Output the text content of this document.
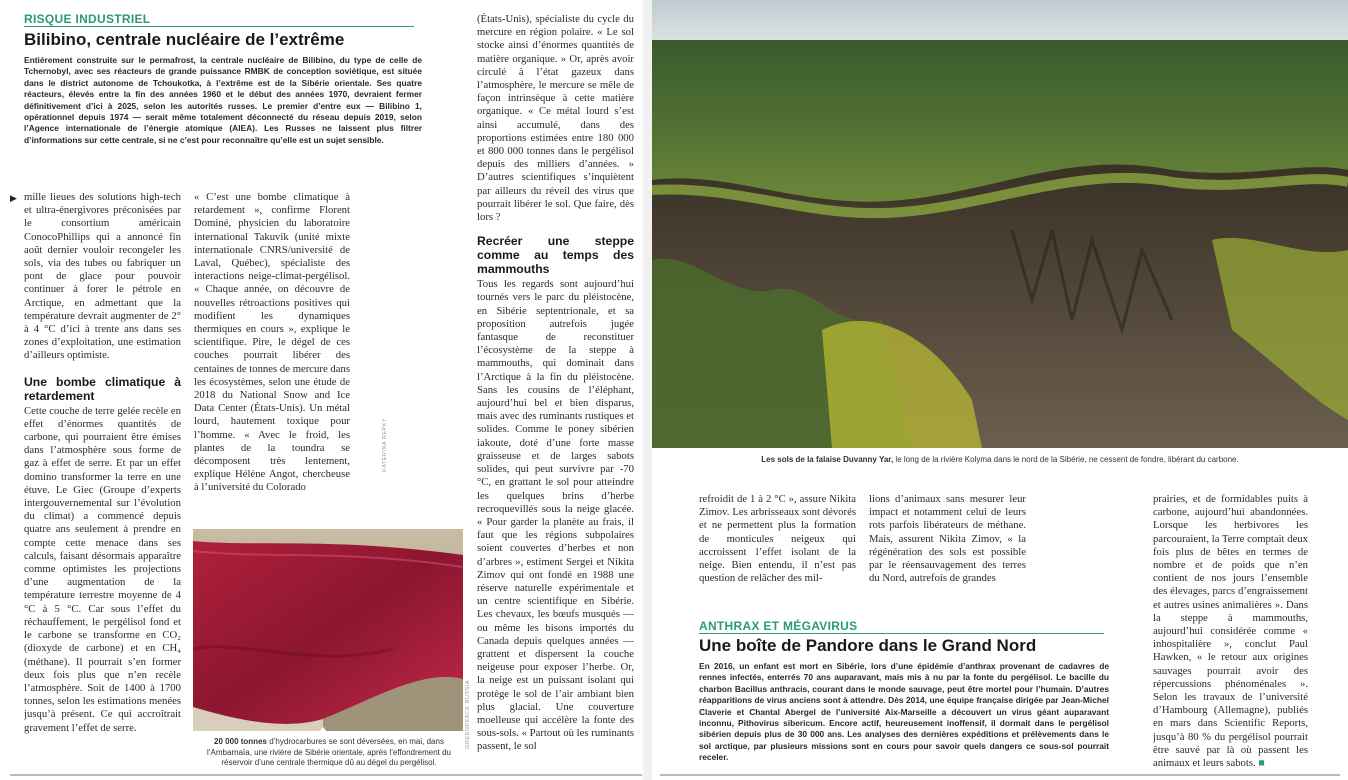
RISQUE INDUSTRIEL
Bilibino, centrale nucléaire de l’extrême
Entièrement construite sur le permafrost, la centrale nucléaire de Bilibino, du type de celle de Tchernobyl, avec ses réacteurs de grande puissance RMBK de conception soviétique, est située dans le district autonome de Tchoukotka, à l’extrême est de la Sibérie orientale. Ses quatre réacteurs, élevés entre la fin des années 1960 et le début des années 1970, devraient fermer définitivement d’ici à 2025, selon les autorités russes. Le premier d’entre eux — Bilibino 1, opérationnel depuis 1974 — serait même totalement déconnecté du réseau depuis 2019, selon l’Agence internationale de l’énergie atomique (AIEA). Les Russes ne laissent plus filtrer d’informations sur cette centrale, si ne c’est pour reconnaître qu’elle est un sujet sensible.
▶ mille lieues des solutions high-tech et ultra-énergivores préconisées par le consortium américain ConocoPhillips qui a annoncé fin août dernier vouloir recongeler les sols, via des tubes ou fabriquer un pont de glace pour pouvoir continuer à forer le pétrole en Arctique, en admettant que la température devrait augmenter de 2° à 4 °C d’ici à trente ans dans ses zones d’exploitation, une estimation d’ailleurs optimiste.

Une bombe climatique à retardement

Cette couche de terre gelée recèle en effet d’énormes quantités de carbone, qui pourraient être émises dans l’atmosphère sous forme de gaz à effet de serre. Et par un effet domino transformer la terre en une étuve. Le Giec (Groupe d’experts intergouvernemental sur l’évolution du climat) a commencé depuis quatre ans seulement à prendre en compte cette menace dans ses calculs, faisant désormais apparaître comme optimistes les projections d’une augmentation de la température terrestre moyenne de 4 °C à 5 °C. Car sous l’effet du réchauffement, le pergélisol fond et le carbone se transforme en CO₂ (dioxyde de carbone) et en CH₄ (méthane). Il pourrait s’en former deux fois plus que n’en recèle l’atmosphère. Soit de 1400 à 1700 tonnes, selon les estimations menées jusqu’à présent. Ce qui accroîtrait gravement l’effet de serre.

« C’est une bombe climatique à retardement », confirme Florent Dominé, physicien du laboratoire international Takuvik (unité mixte internationale CNRS/université de Laval, Québec), spécialiste des interactions neige-climat-pergélisol. « Chaque année, on découvre de nouvelles rétroactions positives qui modifient les dynamiques thermiques en cours », explique le scientifique. Pire, le dégel de ces couches pourrait libérer des centaines de tonnes de mercure dans les écosystèmes, selon une étude de 2018 du National Snow and Ice Data Center (États-Unis). Un métal lourd, hautement toxique pour l’homme. « Avec le froid, les plantes de la toundra se décomposent très lentement, explique Hélène Angot, chercheuse à l’université du Colorado

KATERINA REPKY
20 000 tonnes d’hydrocarbures se sont déversées, en mai, dans l’Ambarnaïa, une rivière de Sibérie orientale, après l’effondrement du réservoir d’une centrale thermique dû au dégel du pergélisol.
GREENPEACE RUSSIA

(États-Unis), spécialiste du cycle du mercure en région polaire. « Le sol stocke ainsi d’énormes quantités de matière organique. » Or, après avoir circulé à l’état gazeux dans l’atmosphère, le mercure se mêle de façon intrinsèque à cette matière organique. « Ce métal lourd s’est ainsi accumulé, dans des proportions estimées entre 180 000 et 800 000 tonnes dans le pergélisol depuis des milliers d’années. » D’autres scientifiques s’inquiètent par ailleurs du réveil des virus que pourrait libérer le sol. Que faire, dès lors ?

Recréer une steppe comme au temps des mammouths

Tous les regards sont aujourd’hui tournés vers le parc du pléistocène, en Sibérie septentrionale, et sa proposition autrefois jugée fantasque de reconstituer l’écosystème de la steppe à mammouths, qui dominait dans l’Arctique à la fin du pléistocène. Sans les cousins de l’éléphant, aujourd’hui bel et bien disparus, mais avec des ruminants rustiques et solides. Comme le poney sibérien iakoute, doté d’une forte masse graisseuse et de larges sabots solides, qui peut survivre par -70 °C, en grattant le sol pour atteindre les quelques brins d’herbe recroquevillés sous la neige glacée. « Pour garder la planète au frais, il faut que les régions subpolaires soient couvertes d’herbes et non d’arbres », estiment Sergei et Nikita Zimov qui ont fondé en 1988 une réserve naturelle expérimentale et un centre scientifique en Sibérie. Les chevaux, les bœufs musqués — ou même les bisons importés du Canada depuis quelques années — grattent et dispersent la couche neigeuse pour exposer l’herbe. Or, la neige est un puissant isolant qui protège le sol de l’air ambiant bien plus glacial. Une couverture moelleuse qui accélère la fonte des sous-sols. « Partout où les ruminants passent, le sol

Les sols de la falaise Duvanny Yar, le long de la rivière Kolyma dans le nord de la Sibérie, ne cessent de fondre, libérant du carbone.

refroidit de 1 à 2 °C », assure Nikita Zimov. Les arbrisseaux sont dévorés et ne permettent plus la formation de monticules neigeux qui accroissent l’effet isolant de la neige. Bien entendu, il n’est pas question de relâcher des mil-

lions d’animaux sans mesurer leur impact et notamment celui de leurs rots parfois libérateurs de méthane. Mais, assurent Nikita Zimov, « la régénération des sols est possible par le réensauvagement des terres du Nord, autrefois de grandes

prairies, et de formidables puits à carbone, aujourd’hui abandonnées. Lorsque les herbivores les parcouraient, la Terre comptait deux fois plus de bêtes en termes de nombre et de poids que n’en contient de nos jours l’ensemble des élevages, parcs d’engraissement et autres usines animalières ». Dans la steppe à mammouths, aujourd’hui considérée comme « inhospitalière », conclut Paul Hawken, « le retour aux origines sauvages pourrait avoir des répercussions phénoménales ». Selon les travaux de l’université d’Hambourg (Allemagne), publiés en mars dans Scientific Reports, jusqu’à 80 % du pergélisol pourrait être sauvé par là où passent les animaux et leurs sabots. ■

ANTHRAX ET MÉGAVIRUS
Une boîte de Pandore dans le Grand Nord
En 2016, un enfant est mort en Sibérie, lors d’une épidémie d’anthrax provenant de cadavres de rennes infectés, enterrés 70 ans auparavant, mais mis à nu par la fonte du pergélisol. Le bacille du charbon Bacillus anthracis, courant dans le monde sauvage, peut être mortel pour l’humain. D’autres réapparitions de virus anciens sont à attendre. Dès 2014, une équipe française dirigée par Jean-Michel Claverie et Chantal Abergel de l’université Aix-Marseille a découvert un virus géant auparavant inconnu, Pithovirus sibericum. Encore actif, heureusement inoffensif, il dormait dans le pergélisol sibérien depuis plus de 30 000 ans. Les analyses des dernières expéditions et prélèvements dans le sol arctique, par plusieurs missions sont en cours pour savoir quels dangers ce sous-sol pourrait receler.
